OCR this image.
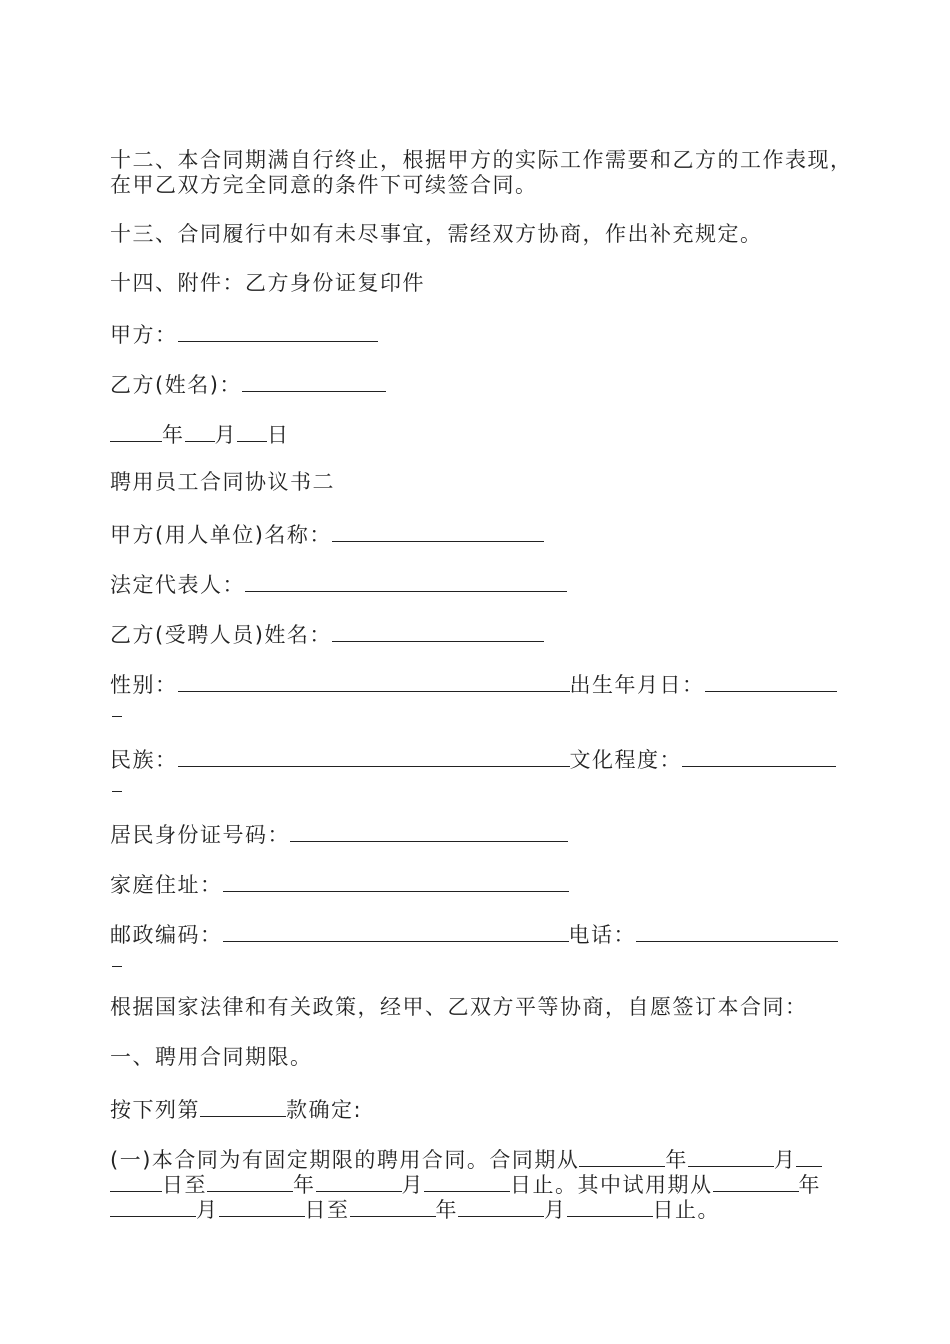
十二、本合同期满自行终止，根据甲方的实际工作需要和乙方的工作表现，
在甲乙双方完全同意的条件下可续签合同。
十三、合同履行中如有未尽事宜，需经双方协商，作出补充规定。
十四、附件：乙方身份证复印件
甲方：
乙方(姓名)：
年 月 日
聘用员工合同协议书二
甲方(用人单位)名称：
法定代表人：
乙方(受聘人员)姓名：
性别：	出生年月日：
民族：	文化程度：
居民身份证号码：
家庭住址：
邮政编码：	电话：
根据国家法律和有关政策，经甲、乙双方平等协商，自愿签订本合同：
一、聘用合同期限。
按下列第	款确定:
(一)本合同为有固定期限的聘用合同。合同期从	年	月
日至	年	月	日止。其中试用期从	年
月	日至	年	月	日止。
